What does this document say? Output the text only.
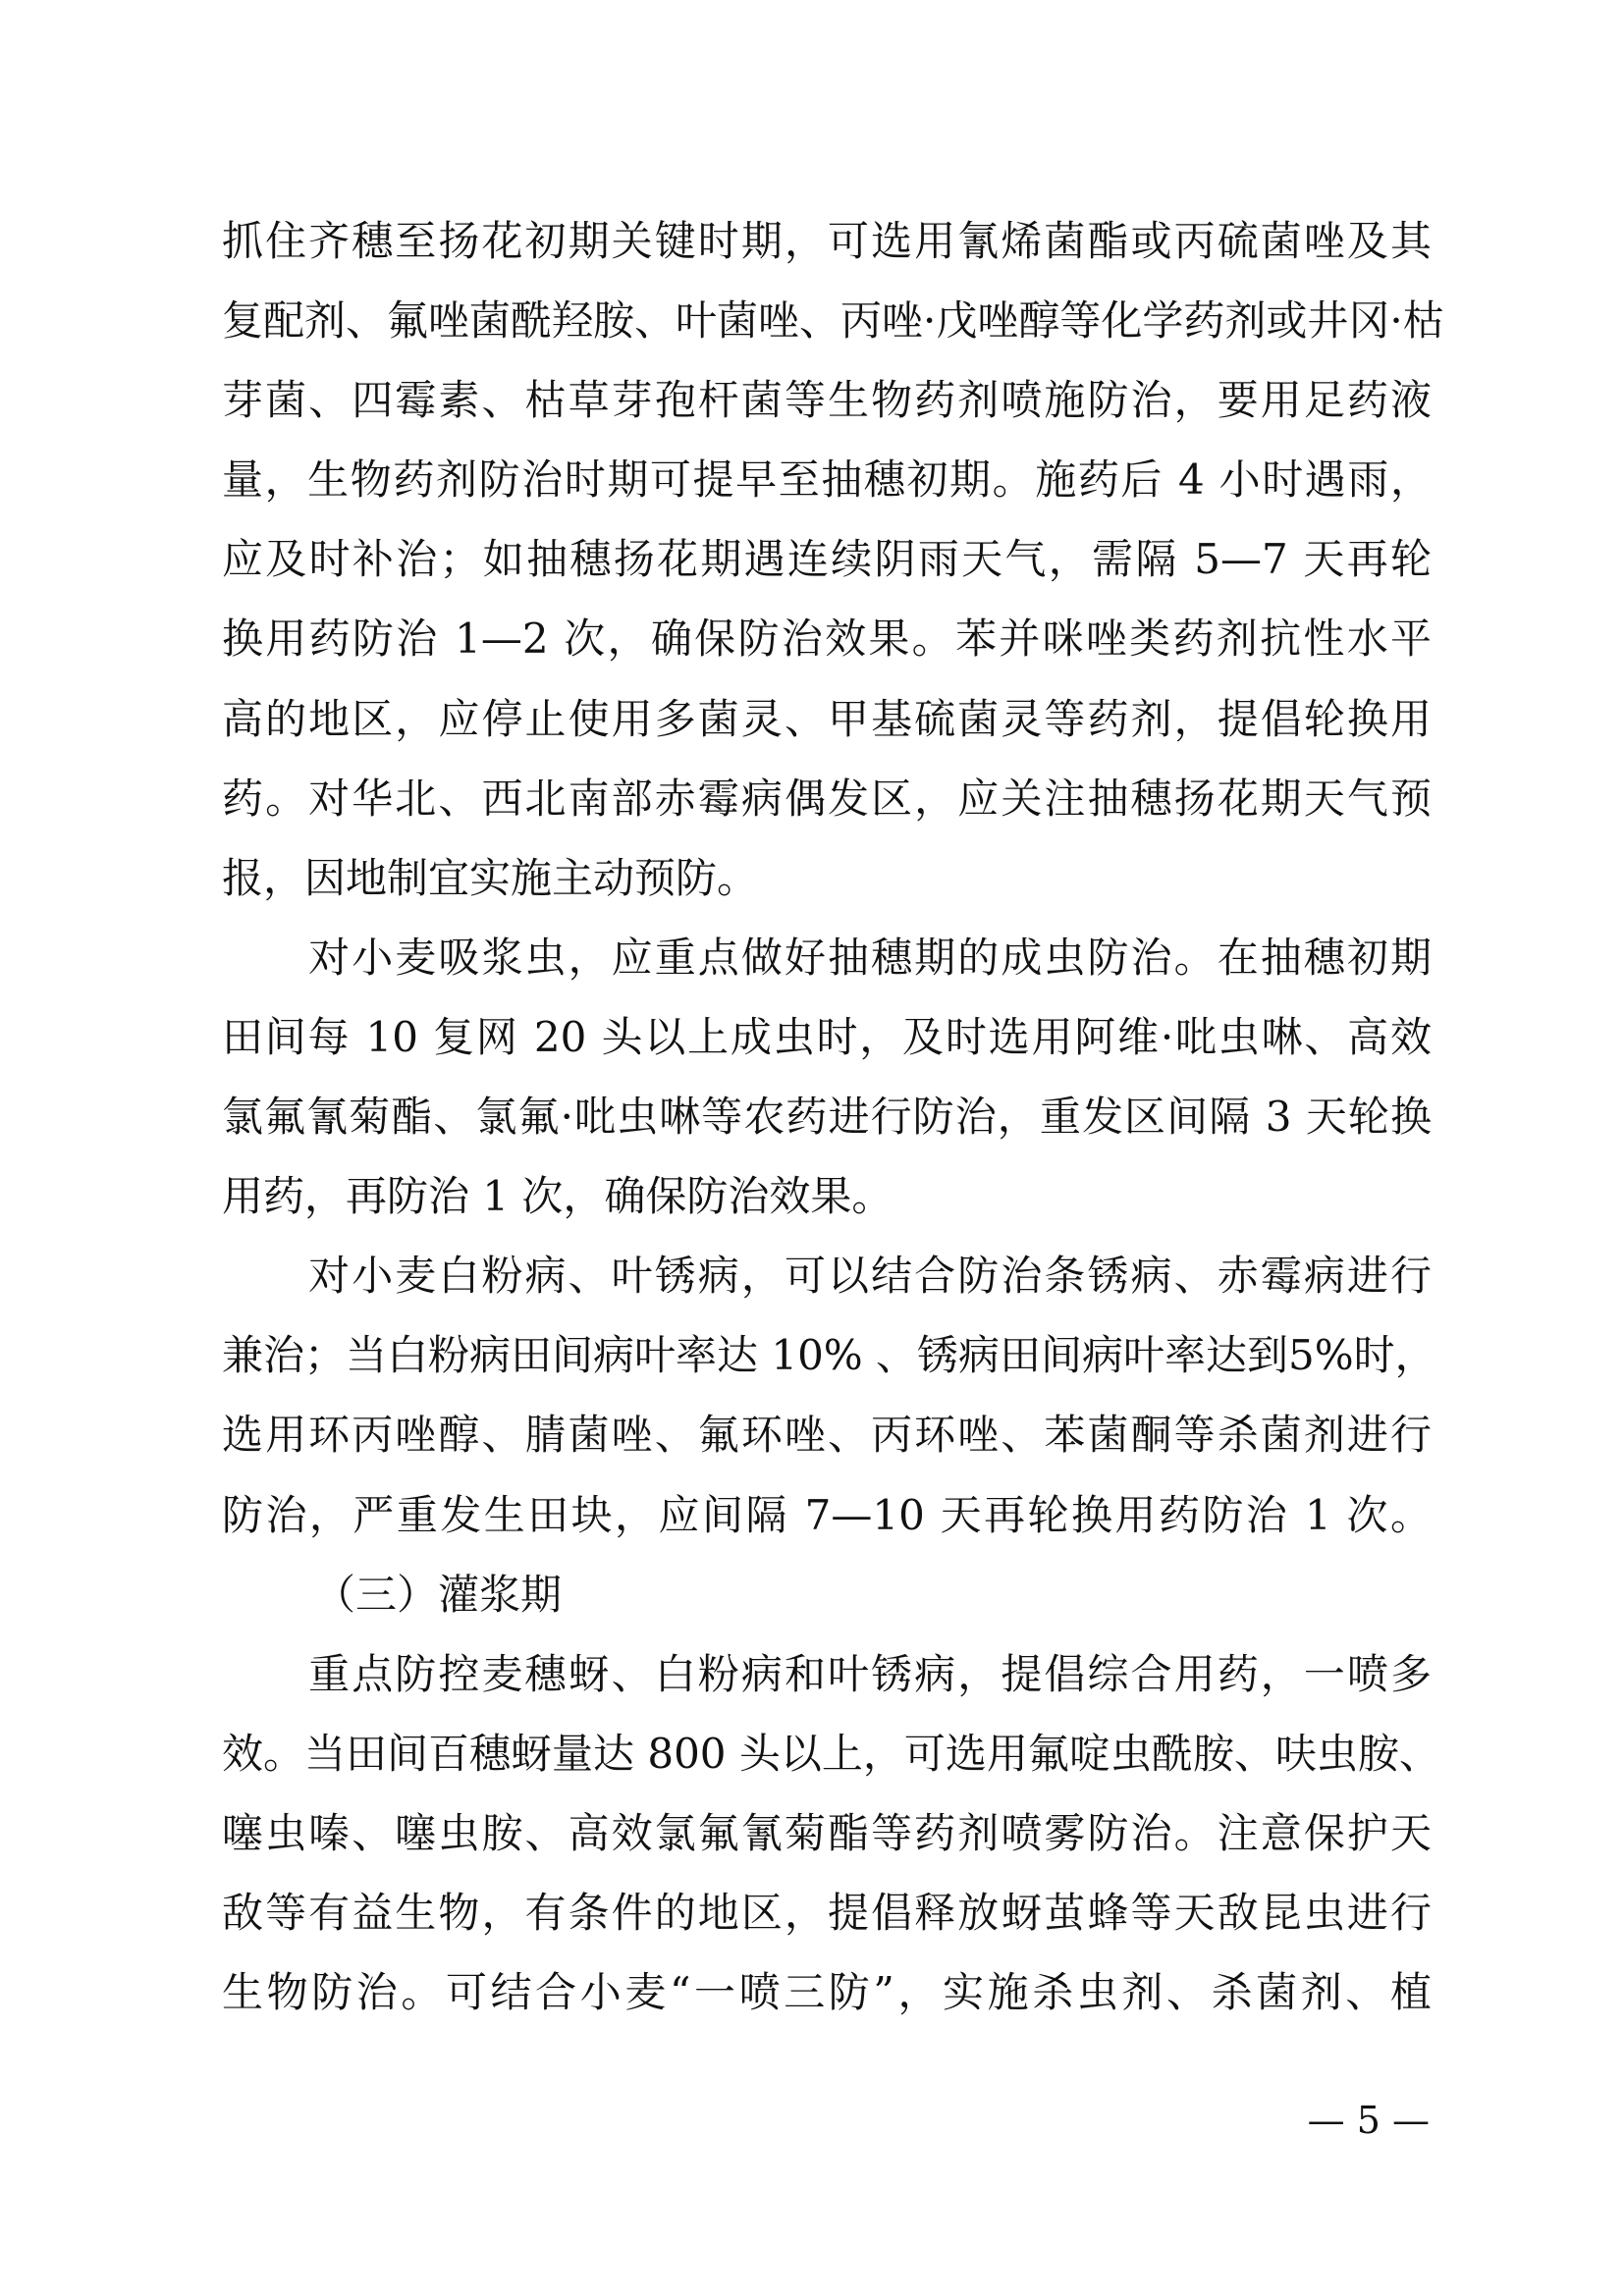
抓住齐穗至扬花初期关键时期，可选用氰烯菌酯或丙硫菌唑及其
复配剂、氟唑菌酰羟胺、叶菌唑、丙唑·戊唑醇等化学药剂或井冈·枯
芽菌、四霉素、枯草芽孢杆菌等生物药剂喷施防治，要用足药液
量，生物药剂防治时期可提早至抽穗初期。施药后 4 小时遇雨，
应及时补治；如抽穗扬花期遇连续阴雨天气，需隔 5—7 天再轮
换用药防治 1—2 次，确保防治效果。苯并咪唑类药剂抗性水平
高的地区，应停止使用多菌灵、甲基硫菌灵等药剂，提倡轮换用
药。对华北、西北南部赤霉病偶发区，应关注抽穗扬花期天气预
报，因地制宜实施主动预防。
　　对小麦吸浆虫，应重点做好抽穗期的成虫防治。在抽穗初期
田间每 10 复网 20 头以上成虫时，及时选用阿维·吡虫啉、高效
氯氟氰菊酯、氯氟·吡虫啉等农药进行防治，重发区间隔 3 天轮换
用药，再防治 1 次，确保防治效果。
　　对小麦白粉病、叶锈病，可以结合防治条锈病、赤霉病进行
兼治；当白粉病田间病叶率达 10% 、锈病田间病叶率达到5%时，
选用环丙唑醇、腈菌唑、氟环唑、丙环唑、苯菌酮等杀菌剂进行
防治，严重发生田块，应间隔 7—10 天再轮换用药防治 1 次。
（三）灌浆期
　　重点防控麦穗蚜、白粉病和叶锈病，提倡综合用药，一喷多
效。当田间百穗蚜量达 800 头以上，可选用氟啶虫酰胺、呋虫胺、
噻虫嗪、噻虫胺、高效氯氟氰菊酯等药剂喷雾防治。注意保护天
敌等有益生物，有条件的地区，提倡释放蚜茧蜂等天敌昆虫进行
生物防治。可结合小麦“一喷三防”，实施杀虫剂、杀菌剂、植
— 5 —
